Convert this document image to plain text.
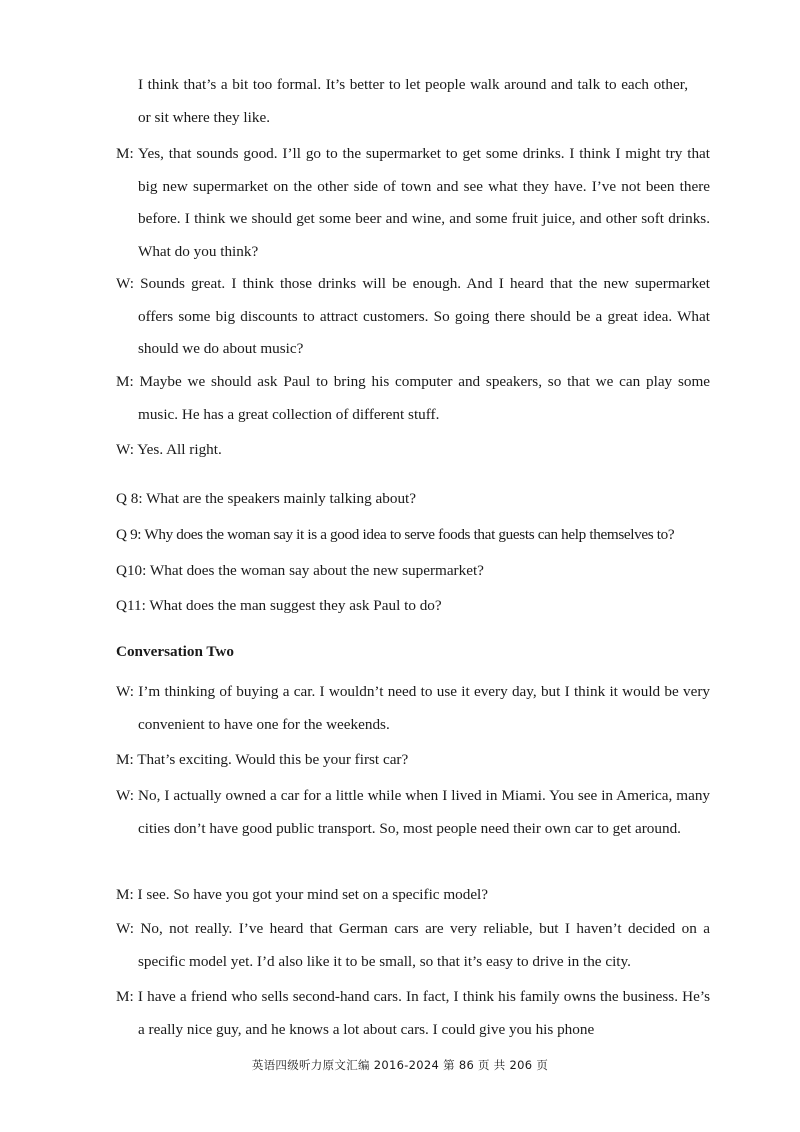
I think that’s a bit too formal. It’s better to let people walk around and talk to each other, or sit where they like.

M: Yes, that sounds good. I’ll go to the supermarket to get some drinks. I think I might try that big new supermarket on the other side of town and see what they have. I’ve not been there before. I think we should get some beer and wine, and some fruit juice, and other soft drinks. What do you think?

W: Sounds great. I think those drinks will be enough. And I heard that the new supermarket offers some big discounts to attract customers. So going there should be a great idea. What should we do about music?

M: Maybe we should ask Paul to bring his computer and speakers, so that we can play some music. He has a great collection of different stuff.

W: Yes. All right.

Q 8: What are the speakers mainly talking about?

Q 9: Why does the woman say it is a good idea to serve foods that guests can help themselves to?

Q10: What does the woman say about the new supermarket?

Q11: What does the man suggest they ask Paul to do?

Conversation Two

W: I’m thinking of buying a car. I wouldn’t need to use it every day, but I think it would be very convenient to have one for the weekends.

M: That’s exciting. Would this be your first car?

W: No, I actually owned a car for a little while when I lived in Miami. You see in America, many cities don’t have good public transport. So, most people need their own car to get around.

M: I see. So have you got your mind set on a specific model?

W: No, not really. I’ve heard that German cars are very reliable, but I haven’t decided on a specific model yet. I’d also like it to be small, so that it’s easy to drive in the city.

M: I have a friend who sells second-hand cars. In fact, I think his family owns the business. He’s a really nice guy, and he knows a lot about cars. I could give you his phone

英语四级听力原文汇编 2016-2024 第 86 页 共 206 页
